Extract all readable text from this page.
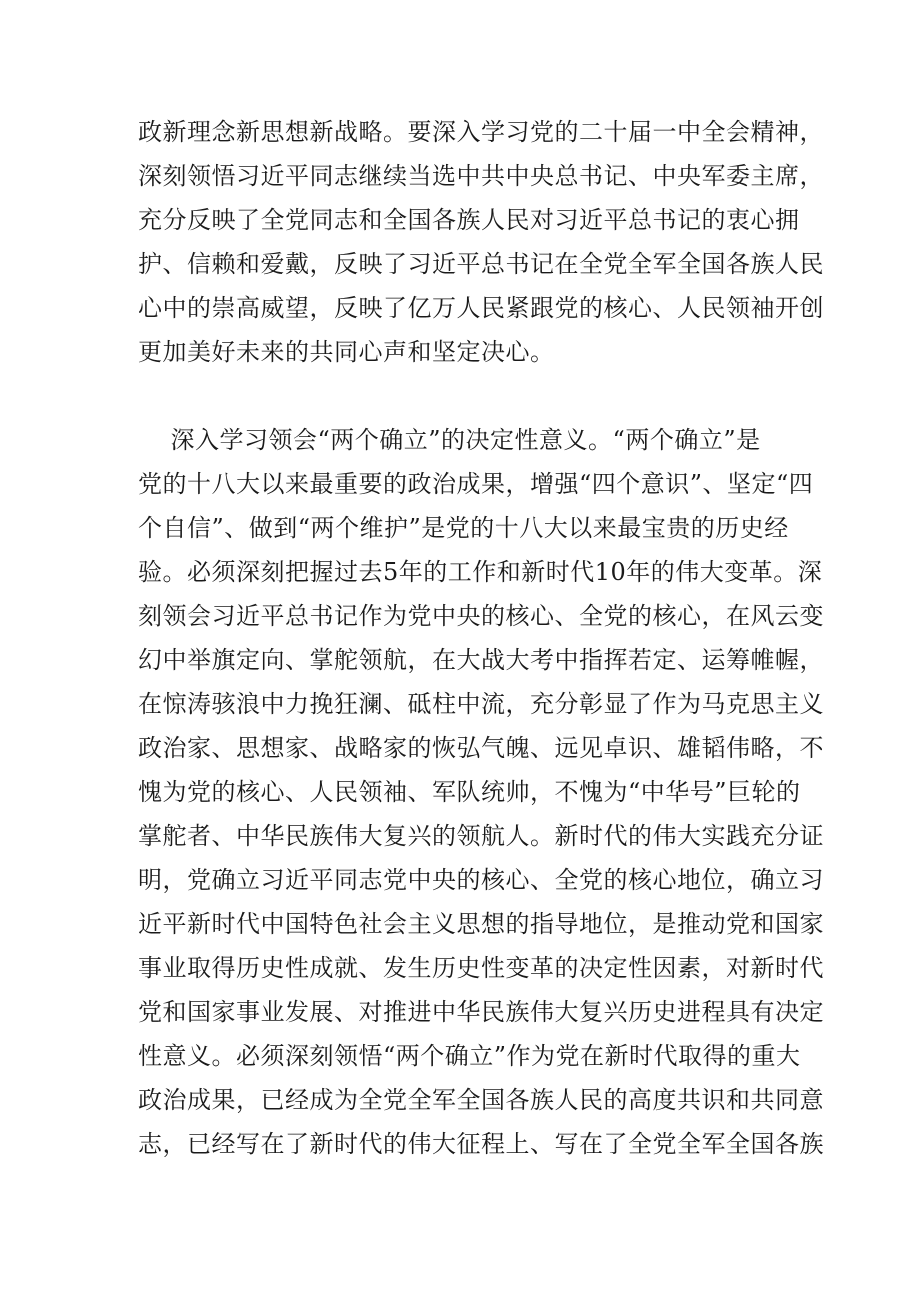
政新理念新思想新战略。要深入学习党的二十届一中全会精神，
深刻领悟习近平同志继续当选中共中央总书记、中央军委主席，
充分反映了全党同志和全国各族人民对习近平总书记的衷心拥
护、信赖和爱戴，反映了习近平总书记在全党全军全国各族人民
心中的崇高威望，反映了亿万人民紧跟党的核心、人民领袖开创
更加美好未来的共同心声和坚定决心。
深入学习领会“两个确立”的决定性意义。“两个确立”是
党的十八大以来最重要的政治成果，增强“四个意识”、坚定“四
个自信”、做到“两个维护”是党的十八大以来最宝贵的历史经
验。必须深刻把握过去5年的工作和新时代10年的伟大变革。深
刻领会习近平总书记作为党中央的核心、全党的核心，在风云变
幻中举旗定向、掌舵领航，在大战大考中指挥若定、运筹帷幄，
在惊涛骇浪中力挽狂澜、砥柱中流，充分彰显了作为马克思主义
政治家、思想家、战略家的恢弘气魄、远见卓识、雄韬伟略，不
愧为党的核心、人民领袖、军队统帅，不愧为“中华号”巨轮的
掌舵者、中华民族伟大复兴的领航人。新时代的伟大实践充分证
明，党确立习近平同志党中央的核心、全党的核心地位，确立习
近平新时代中国特色社会主义思想的指导地位，是推动党和国家
事业取得历史性成就、发生历史性变革的决定性因素，对新时代
党和国家事业发展、对推进中华民族伟大复兴历史进程具有决定
性意义。必须深刻领悟“两个确立”作为党在新时代取得的重大
政治成果，已经成为全党全军全国各族人民的高度共识和共同意
志，已经写在了新时代的伟大征程上、写在了全党全军全国各族
